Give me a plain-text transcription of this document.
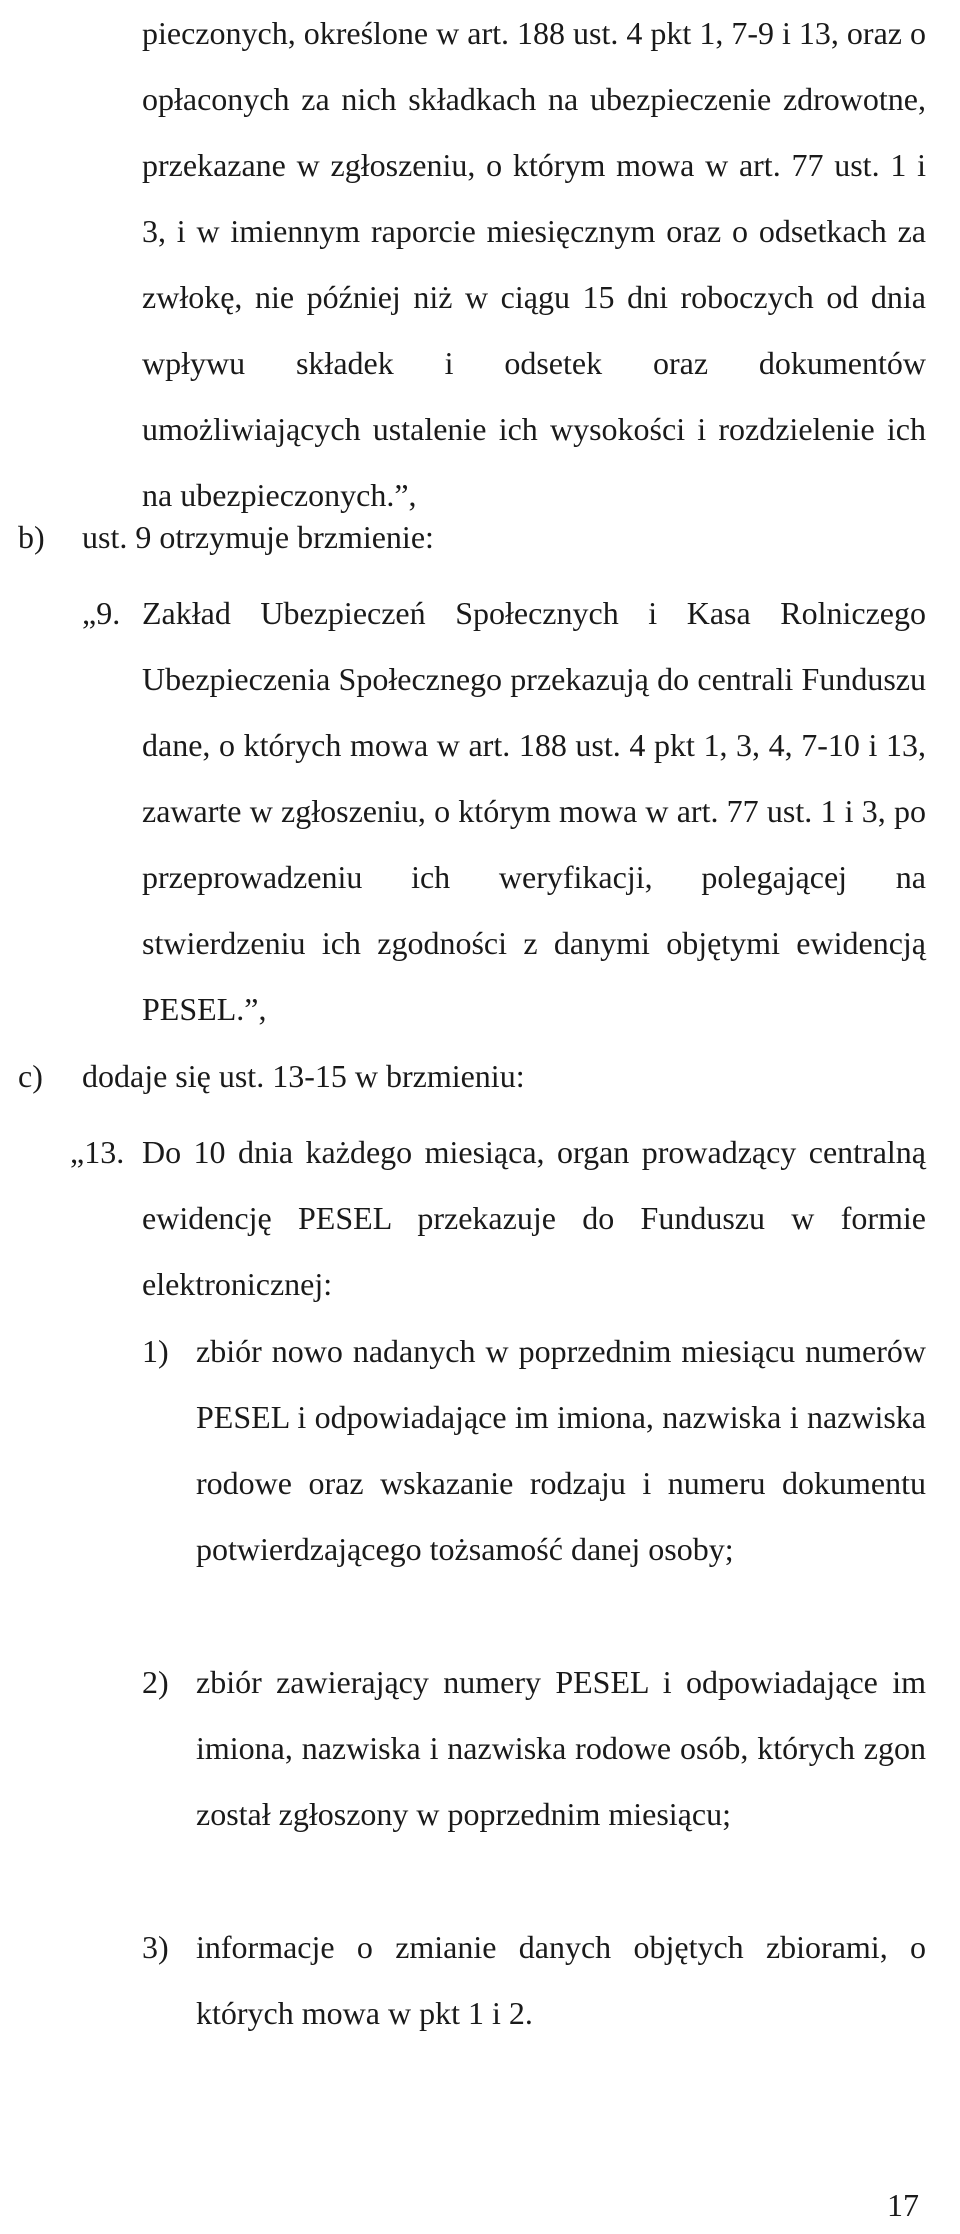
pieczonych, określone w art. 188 ust. 4 pkt 1, 7-9 i 13, oraz o opłaconych za nich składkach na ubezpieczenie zdrowotne, przekazane w zgłoszeniu, o którym mowa w art. 77 ust. 1 i 3, i w imiennym raporcie miesięcznym oraz o odsetkach za zwłokę, nie później niż w ciągu 15 dni roboczych od dnia wpływu składek i odsetek oraz dokumentów umożliwiających ustalenie ich wysokości i rozdzielenie ich na ubezpieczonych.”,

b) ust. 9 otrzymuje brzmienie:
„9. Zakład Ubezpieczeń Społecznych i Kasa Rolniczego Ubezpieczenia Społecznego przekazują do centrali Funduszu dane, o których mowa w art. 188 ust. 4 pkt 1, 3, 4, 7-10 i 13, zawarte w zgłoszeniu, o którym mowa w art. 77 ust. 1 i 3, po przeprowadzeniu ich weryfikacji, polegającej na stwierdzeniu ich zgodności z danymi objętymi ewidencją PESEL.”,

c) dodaje się ust. 13-15 w brzmieniu:
„13. Do 10 dnia każdego miesiąca, organ prowadzący centralną ewidencję PESEL przekazuje do Funduszu w formie elektronicznej:

1) zbiór nowo nadanych w poprzednim miesiącu numerów PESEL i odpowiadające im imiona, nazwiska i nazwiska rodowe oraz wskazanie rodzaju i numeru dokumentu potwierdzającego tożsamość danej osoby;

2) zbiór zawierający numery PESEL i odpowiadające im imiona, nazwiska i nazwiska rodowe osób, których zgon został zgłoszony w poprzednim miesiącu;

3) informacje o zmianie danych objętych zbiorami, o których mowa w pkt 1 i 2.

17
